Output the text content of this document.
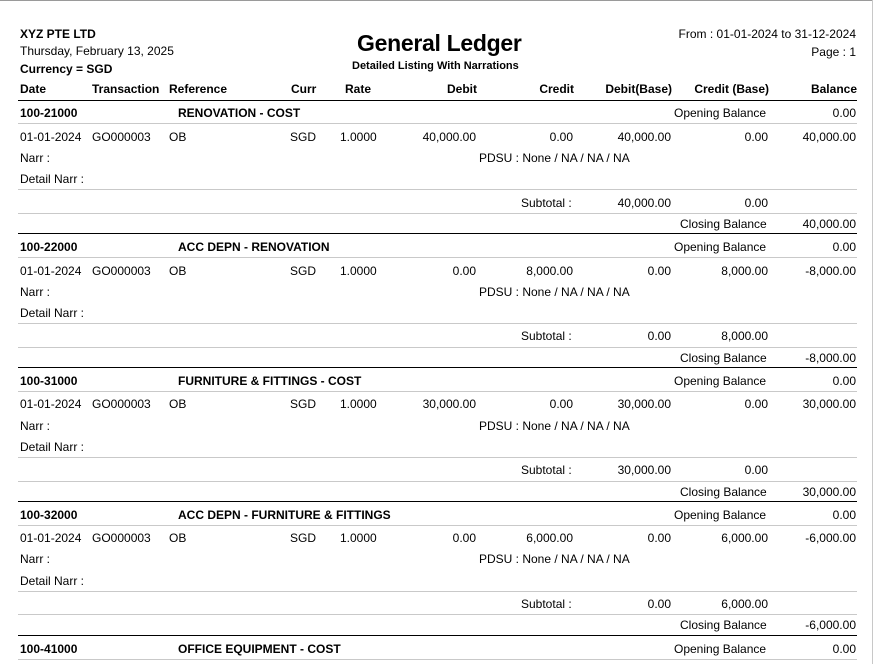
XYZ PTE LTD
Thursday, February 13, 2025
Currency = SGD
General Ledger
Detailed Listing With Narrations
From : 01-01-2024 to 31-12-2024
Page : 1
Date	Transaction Reference	Curr Rate	Debit	Credit	Debit(Base) Credit (Base)	Balance
100-21000	RENOVATION - COST	Opening Balance	0.00
01-01-2024 GO000003 OB	SGD 1.0000	40,000.00	0.00	40,000.00	0.00	40,000.00
Narr :	PDSU : None / NA / NA / NA
Detail Narr :
Subtotal :	40,000.00	0.00
Closing Balance	40,000.00
100-22000	ACC DEPN - RENOVATION	Opening Balance	0.00
01-01-2024 GO000003 OB	SGD 1.0000	0.00	8,000.00	0.00	8,000.00	-8,000.00
Narr :	PDSU : None / NA / NA / NA
Detail Narr :
Subtotal :	0.00	8,000.00
Closing Balance	-8,000.00
100-31000	FURNITURE & FITTINGS - COST	Opening Balance	0.00
01-01-2024 GO000003 OB	SGD 1.0000	30,000.00	0.00	30,000.00	0.00	30,000.00
Narr :	PDSU : None / NA / NA / NA
Detail Narr :
Subtotal :	30,000.00	0.00
Closing Balance	30,000.00
100-32000	ACC DEPN - FURNITURE & FITTINGS	Opening Balance	0.00
01-01-2024 GO000003 OB	SGD 1.0000	0.00	6,000.00	0.00	6,000.00	-6,000.00
Narr :	PDSU : None / NA / NA / NA
Detail Narr :
Subtotal :	0.00	6,000.00
Closing Balance	-6,000.00
100-41000	OFFICE EQUIPMENT - COST	Opening Balance	0.00
